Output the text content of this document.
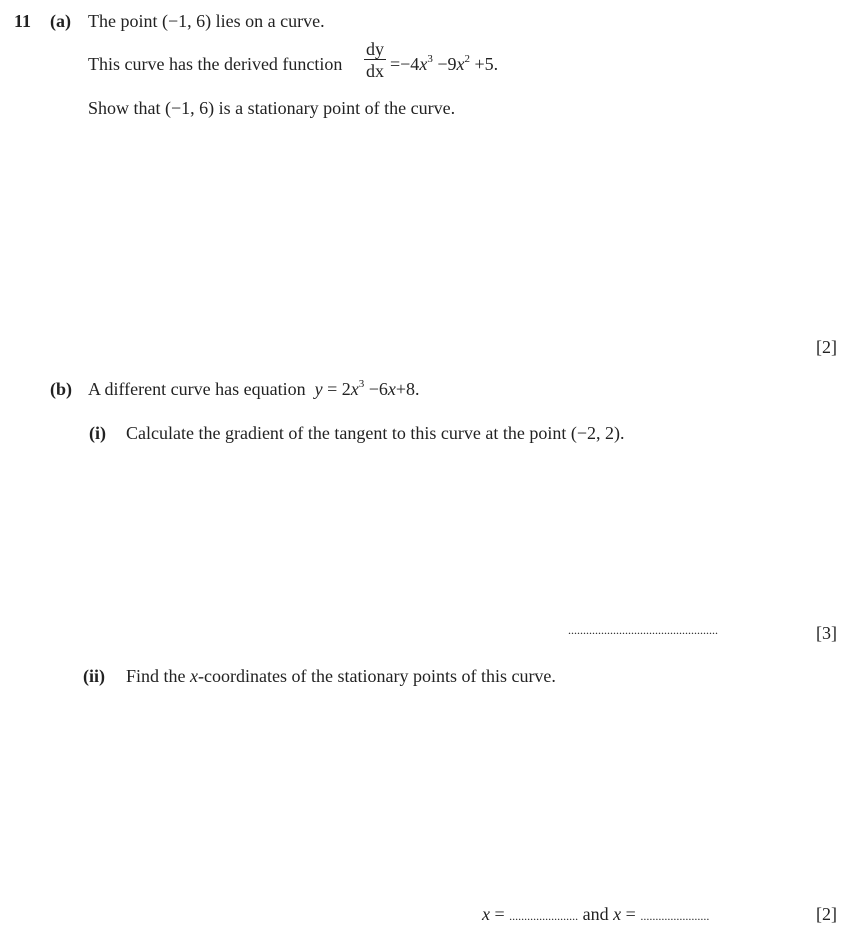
11 (a) The point (−1, 6) lies on a curve.
This curve has the derived function
dy
dx $=-4x^3 -9x^2 +5$.
Show that (−1, 6) is a stationary point of the curve.
[2]
(b) A different curve has equation $y = 2x^3 -6x+8$.
(i) Calculate the gradient of the tangent to this curve at the point (−2, 2).
..................................................	[3]
(ii) Find the x-coordinates of the stationary points of this curve.
x = ....................... and x = .......................	[2]
